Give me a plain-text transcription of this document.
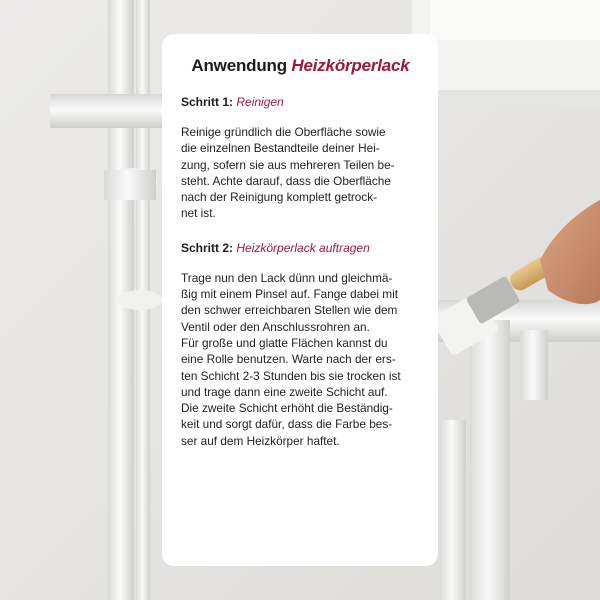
Anwendung Heizkörperlack

Schritt 1: Reinigen

Reinige gründlich die Oberfläche sowie
die einzelnen Bestandteile deiner Hei-
zung, sofern sie aus mehreren Teilen be-
steht. Achte darauf, dass die Oberfläche
nach der Reinigung komplett getrock-
net ist.

Schritt 2: Heizkörperlack auftragen

Trage nun den Lack dünn und gleichmä-
ßig mit einem Pinsel auf. Fange dabei mit
den schwer erreichbaren Stellen wie dem
Ventil oder den Anschlussrohren an.
Für große und glatte Flächen kannst du
eine Rolle benutzen. Warte nach der ers-
ten Schicht 2-3 Stunden bis sie trocken ist
und trage dann eine zweite Schicht auf.
Die zweite Schicht erhöht die Beständig-
keit und sorgt dafür, dass die Farbe bes-
ser auf dem Heizkörper haftet.
